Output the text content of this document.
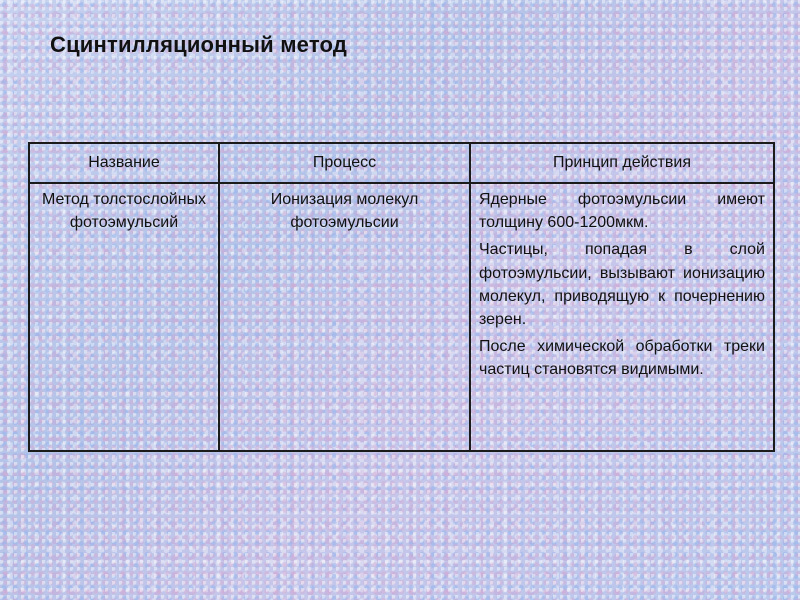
Сцинтилляционный метод
Название	Процесс	Принцип действия
Метод толстослойных фотоэмульсий	Ионизация молекул фотоэмульсии	Ядерные фотоэмульсии имеют толщину 600-1200мкм.

Частицы, попадая в слой фотоэмульсии, вызывают ионизацию молекул, приводящую к почернению зерен.

После химической обработки треки частиц становятся видимыми.
